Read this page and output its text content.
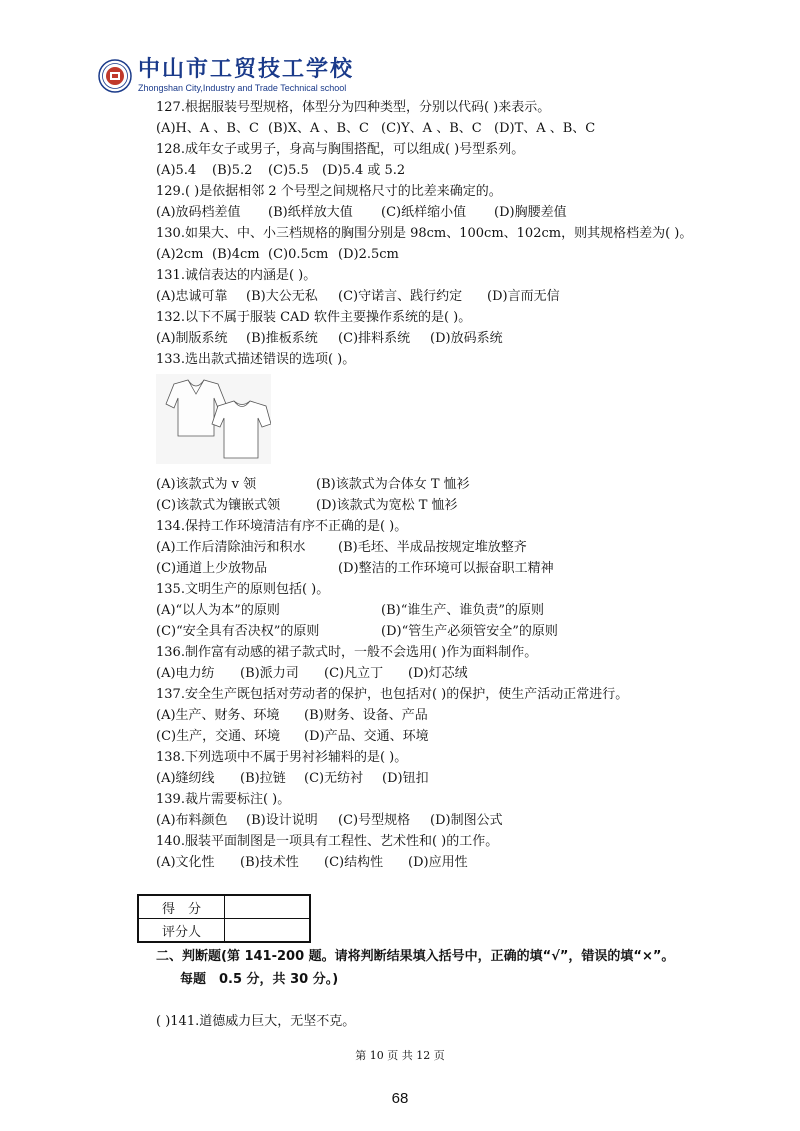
中山市工贸技工学校
Zhongshan City,Industry and Trade Technical school
127.根据服装号型规格，体型分为四种类型，分别以代码( )来表示。
(A)H、A 、B、C (B)X、A 、B、C (C)Y、A 、B、C (D)T、A 、B、C
128.成年女子或男子，身高与胸围搭配，可以组成( )号型系列。
(A)5.4 (B)5.2 (C)5.5 (D)5.4 或 5.2
129.( )是依据相邻 2 个号型之间规格尺寸的比差来确定的。
(A)放码档差值 (B)纸样放大值 (C)纸样缩小值 (D)胸腰差值
130.如果大、中、小三档规格的胸围分别是 98cm、100cm、102cm，则其规格档差为( )。
(A)2cm (B)4cm (C)0.5cm (D)2.5cm
131.诚信表达的内涵是( )。
(A)忠诚可靠 (B)大公无私 (C)守诺言、践行约定 (D)言而无信
132.以下不属于服装 CAD 软件主要操作系统的是( )。
(A)制版系统 (B)推板系统 (C)排料系统 (D)放码系统
133.选出款式描述错误的选项( )。
(A)该款式为 v 领	(B)该款式为合体女 T 恤衫
(C)该款式为镶嵌式领	(D)该款式为宽松 T 恤衫
134.保持工作环境清洁有序不正确的是( )。
(A)工作后清除油污和积水 (B)毛坯、半成品按规定堆放整齐
(C)通道上少放物品	(D)整洁的工作环境可以振奋职工精神
135.文明生产的原则包括( )。
(A)“以人为本”的原则	(B)“谁生产、谁负责”的原则
(C)“安全具有否决权”的原则	(D)“管生产必须管安全”的原则
136.制作富有动感的裙子款式时，一般不会选用( )作为面料制作。
(A)电力纺 (B)派力司 (C)凡立丁 (D)灯芯绒
137.安全生产既包括对劳动者的保护，也包括对( )的保护，使生产活动正常进行。
(A)生产、财务、环境 (B)财务、设备、产品
(C)生产，交通、环境 (D)产品、交通、环境
138.下列选项中不属于男衬衫辅料的是( )。
(A)缝纫线 (B)拉链 (C)无纺衬 (D)钮扣
139.裁片需要标注( )。
(A)布料颜色 (B)设计说明 (C)号型规格 (D)制图公式
140.服装平面制图是一项具有工程性、艺术性和( )的工作。
(A)文化性 (B)技术性 (C)结构性 (D)应用性
得　分	
评分人	
二、判断题(第 141-200 题。请将判断结果填入括号中，正确的填“√”，错误的填“×”。
每题　0.5 分，共 30 分。)
( )141.道德威力巨大，无坚不克。
第 10 页 共 12 页
68
